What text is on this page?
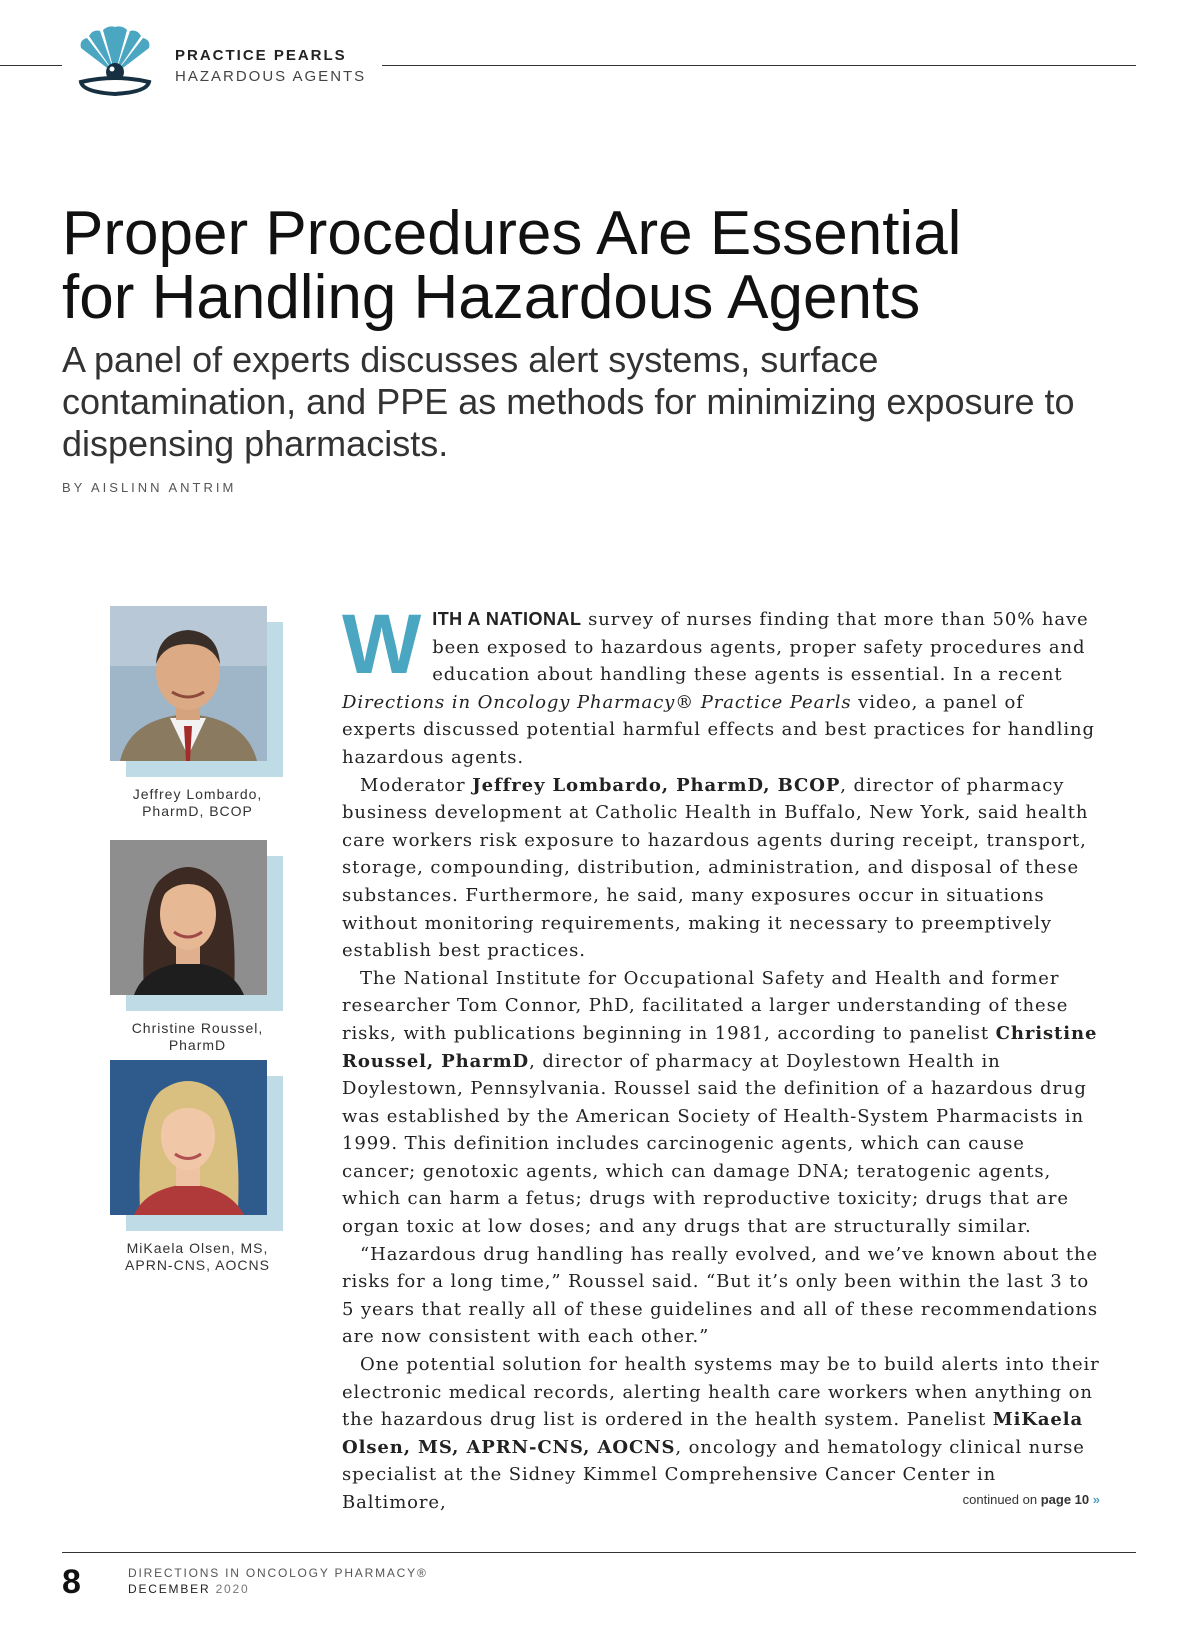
PRACTICE PEARLS
HAZARDOUS AGENTS
Proper Procedures Are Essential
for Handling Hazardous Agents
A panel of experts discusses alert systems, surface contamination, and PPE as methods for minimizing exposure to dispensing pharmacists.
BY AISLINN ANTRIM
Jeffrey Lombardo,
PharmD, BCOP
Christine Roussel,
PharmD
MiKaela Olsen, MS,
APRN-CNS, AOCNS

WITH A NATIONAL survey of nurses finding that more than 50% have been exposed to hazardous agents, proper safety procedures and education about handling these agents is essential. In a recent Directions in Oncology Pharmacy® Practice Pearls video, a panel of experts discussed potential harmful effects and best practices for handling hazardous agents.

Moderator Jeffrey Lombardo, PharmD, BCOP, director of pharmacy business development at Catholic Health in Buffalo, New York, said health care workers risk exposure to hazardous agents during receipt, transport, storage, compounding, distribution, administration, and disposal of these substances. Furthermore, he said, many exposures occur in situations without monitoring requirements, making it necessary to preemptively establish best practices.

The National Institute for Occupational Safety and Health and former researcher Tom Connor, PhD, facilitated a larger understanding of these risks, with publications beginning in 1981, according to panelist Christine Roussel, PharmD, director of pharmacy at Doylestown Health in Doylestown, Pennsylvania. Roussel said the definition of a hazardous drug was established by the American Society of Health-System Pharmacists in 1999. This definition includes carcinogenic agents, which can cause cancer; genotoxic agents, which can damage DNA; teratogenic agents, which can harm a fetus; drugs with reproductive toxicity; drugs that are organ toxic at low doses; and any drugs that are structurally similar.

“Hazardous drug handling has really evolved, and we’ve known about the risks for a long time,” Roussel said. “But it’s only been within the last 3 to 5 years that really all of these guidelines and all of these recommendations are now consistent with each other.”

One potential solution for health systems may be to build alerts into their electronic medical records, alerting health care workers when anything on the hazardous drug list is ordered in the health system. Panelist MiKaela Olsen, MS, APRN-CNS, AOCNS, oncology and hematology clinical nurse specialist at the Sidney Kimmel Comprehensive Cancer Center in Baltimore,	continued on page 10 »
8	DIRECTIONS IN ONCOLOGY PHARMACY®
DECEMBER 2020
